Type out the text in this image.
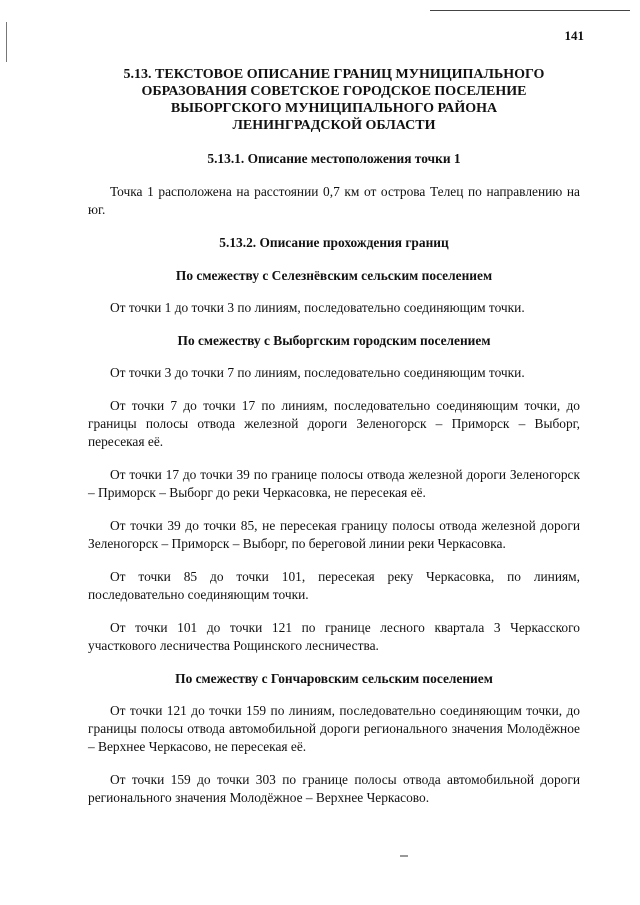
141
5.13. ТЕКСТОВОЕ ОПИСАНИЕ ГРАНИЦ МУНИЦИПАЛЬНОГО
ОБРАЗОВАНИЯ СОВЕТСКОЕ ГОРОДСКОЕ ПОСЕЛЕНИЕ
ВЫБОРГСКОГО МУНИЦИПАЛЬНОГО РАЙОНА
ЛЕНИНГРАДСКОЙ ОБЛАСТИ
5.13.1. Описание местоположения точки 1

Точка 1 расположена на расстоянии 0,7 км от острова Телец по направлению на юг.

5.13.2. Описание прохождения границ
По смежеству с Селезнёвским сельским поселением

От точки 1 до точки 3 по линиям, последовательно соединяющим точки.

По смежеству с Выборгским городским поселением

От точки 3 до точки 7 по линиям, последовательно соединяющим точки.

От точки 7 до точки 17 по линиям, последовательно соединяющим точки, до границы полосы отвода железной дороги Зеленогорск – Приморск – Выборг, пересекая её.

От точки 17 до точки 39 по границе полосы отвода железной дороги Зеленогорск – Приморск – Выборг до реки Черкасовка, не пересекая её.

От точки 39 до точки 85, не пересекая границу полосы отвода железной дороги Зеленогорск – Приморск – Выборг, по береговой линии реки Черкасовка.

От точки 85 до точки 101, пересекая реку Черкасовка, по линиям, последовательно соединяющим точки.

От точки 101 до точки 121 по границе лесного квартала 3 Черкасского участкового лесничества Рощинского лесничества.

По смежеству с Гончаровским сельским поселением

От точки 121 до точки 159 по линиям, последовательно соединяющим точки, до границы полосы отвода автомобильной дороги регионального значения Молодёжное – Верхнее Черкасово, не пересекая её.

От точки 159 до точки 303 по границе полосы отвода автомобильной дороги регионального значения Молодёжное – Верхнее Черкасово.
